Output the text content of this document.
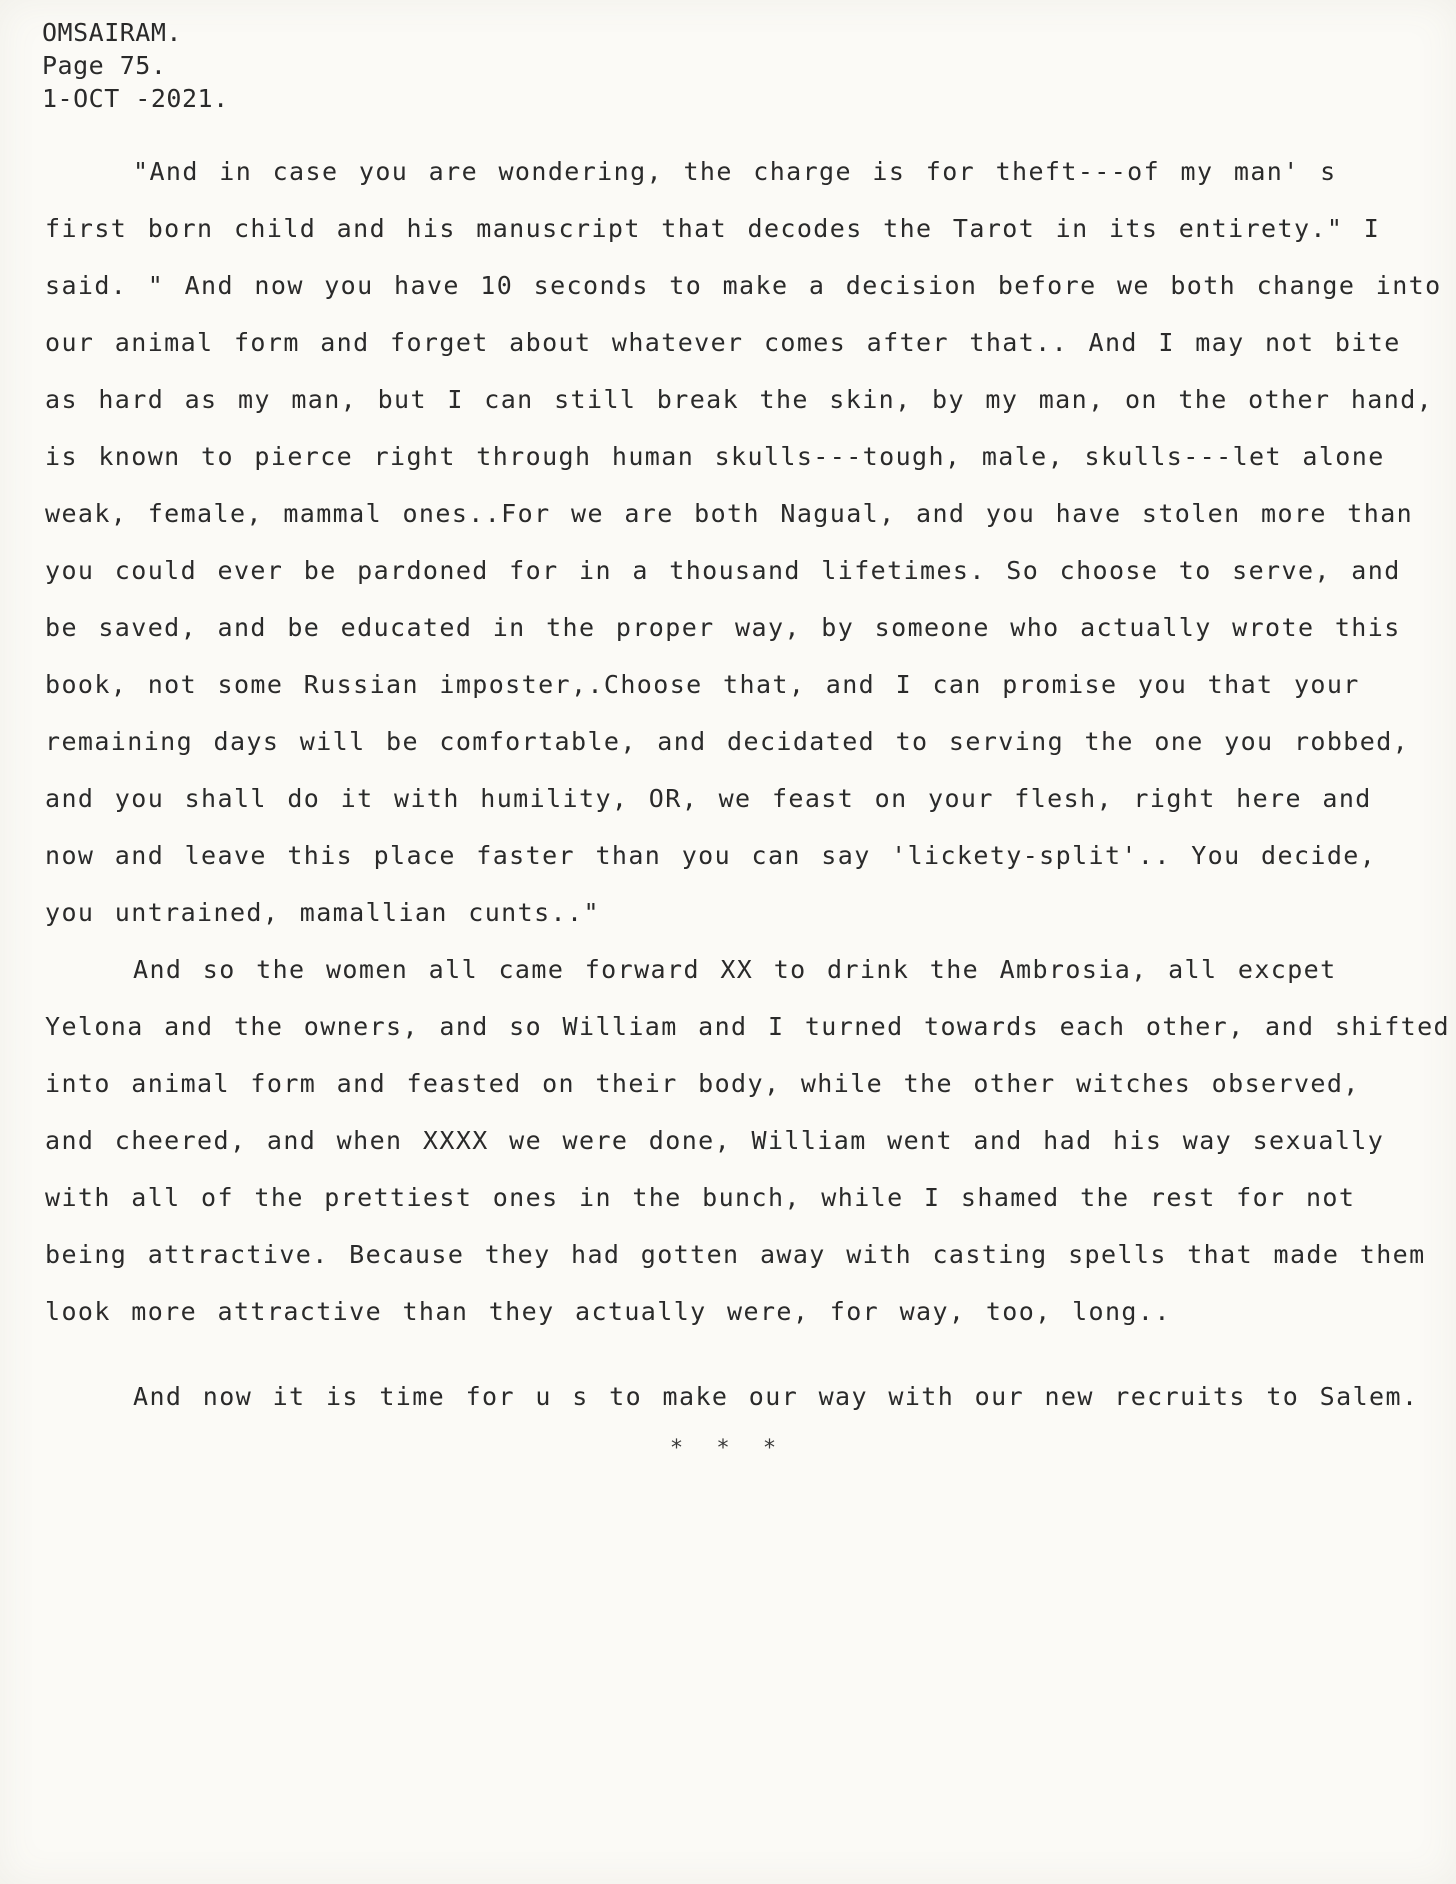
OMSAIRAM.
Page 75.
1-OCT -2021.
"And in case you are wondering, the charge is for theft---of my man' s
first born child and his manuscript that decodes the Tarot in its entirety." I
said. " And now you have 10 seconds to make a decision before we both change into
our animal form and forget about whatever comes after that.. And I may not bite
as hard as my man, but I can still break the skin, by my man, on the other hand,
is known to pierce right through human skulls---tough, male, skulls---let alone
weak, female, mammal ones..For we are both Nagual, and you have stolen more than
you could ever be pardoned for in a thousand lifetimes. So choose to serve, and
be saved, and be educated in the proper way, by someone who actually wrote this
book, not some Russian imposter,.Choose that, and I can promise you that your
remaining days will be comfortable, and decidated to serving the one you robbed,
and you shall do it with humility, OR, we feast on your flesh, right here and
now and leave this place faster than you can say 'lickety-split'.. You decide,
you untrained, mamallian cunts.."
And so the women all came forward XX to drink the Ambrosia, all excpet
Yelona and the owners, and so William and I turned towards each other, and shifted
into animal form and feasted on their body, while the other witches observed,
and cheered, and when XXXX we were done, William went and had his way sexually
with all of the prettiest ones in the bunch, while I shamed the rest for not
being attractive. Because they had gotten away with casting spells that made them
look more attractive than they actually were, for way, too, long..
And now it is time for u s to make our way with our new recruits to Salem.
* * *
